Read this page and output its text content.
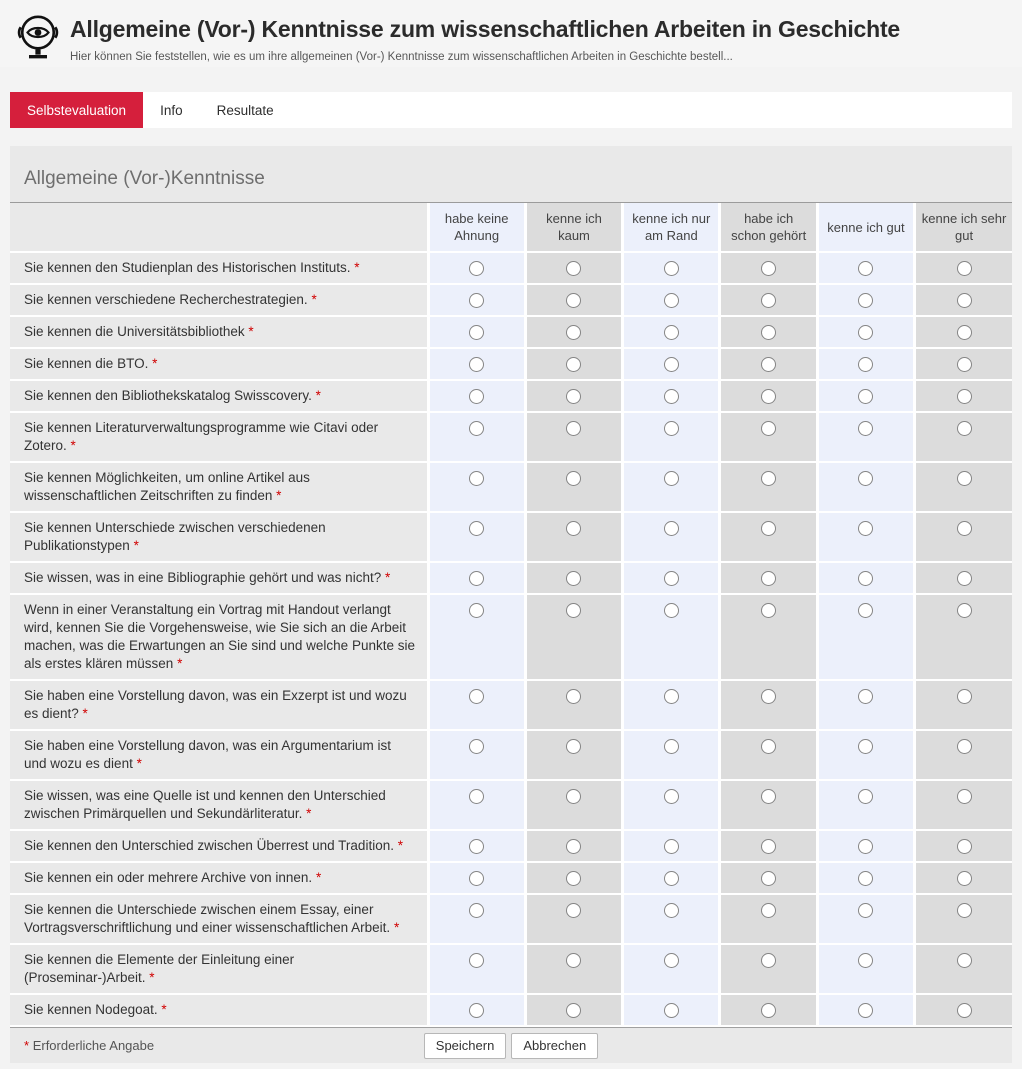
Allgemeine (Vor-) Kenntnisse zum wissenschaftlichen Arbeiten in Geschichte
Hier können Sie feststellen, wie es um ihre allgemeinen (Vor-) Kenntnisse zum wissenschaftlichen Arbeiten in Geschichte bestell...
Selbstevaluation	Info	Resultate
Allgemeine (Vor-)Kenntnisse
	habe keine Ahnung	kenne ich kaum	kenne ich nur am Rand	habe ich schon gehört	kenne ich gut	kenne ich sehr gut
Sie kennen den Studienplan des Historischen Instituts. *						
Sie kennen verschiedene Recherchestrategien. *						
Sie kennen die Universitätsbibliothek *						
Sie kennen die BTO. *						
Sie kennen den Bibliothekskatalog Swisscovery. *						
Sie kennen Literaturverwaltungsprogramme wie Citavi oder Zotero. *						
Sie kennen Möglichkeiten, um online Artikel aus wissenschaftlichen Zeitschriften zu finden *						
Sie kennen Unterschiede zwischen verschiedenen Publikationstypen *						
Sie wissen, was in eine Bibliographie gehört und was nicht? *						
Wenn in einer Veranstaltung ein Vortrag mit Handout verlangt wird, kennen Sie die Vorgehensweise, wie Sie sich an die Arbeit machen, was die Erwartungen an Sie sind und welche Punkte sie als erstes klären müssen *						
Sie haben eine Vorstellung davon, was ein Exzerpt ist und wozu es dient? *						
Sie haben eine Vorstellung davon, was ein Argumentarium ist und wozu es dient *						
Sie wissen, was eine Quelle ist und kennen den Unterschied zwischen Primärquellen und Sekundärliteratur. *						
Sie kennen den Unterschied zwischen Überrest und Tradition. *						
Sie kennen ein oder mehrere Archive von innen. *						
Sie kennen die Unterschiede zwischen einem Essay, einer Vortragsverschriftlichung und einer wissenschaftlichen Arbeit. *						
Sie kennen die Elemente der Einleitung einer (Proseminar-)Arbeit. *						
Sie kennen Nodegoat. *						
* Erforderliche Angabe	Speichern	Abbrechen
